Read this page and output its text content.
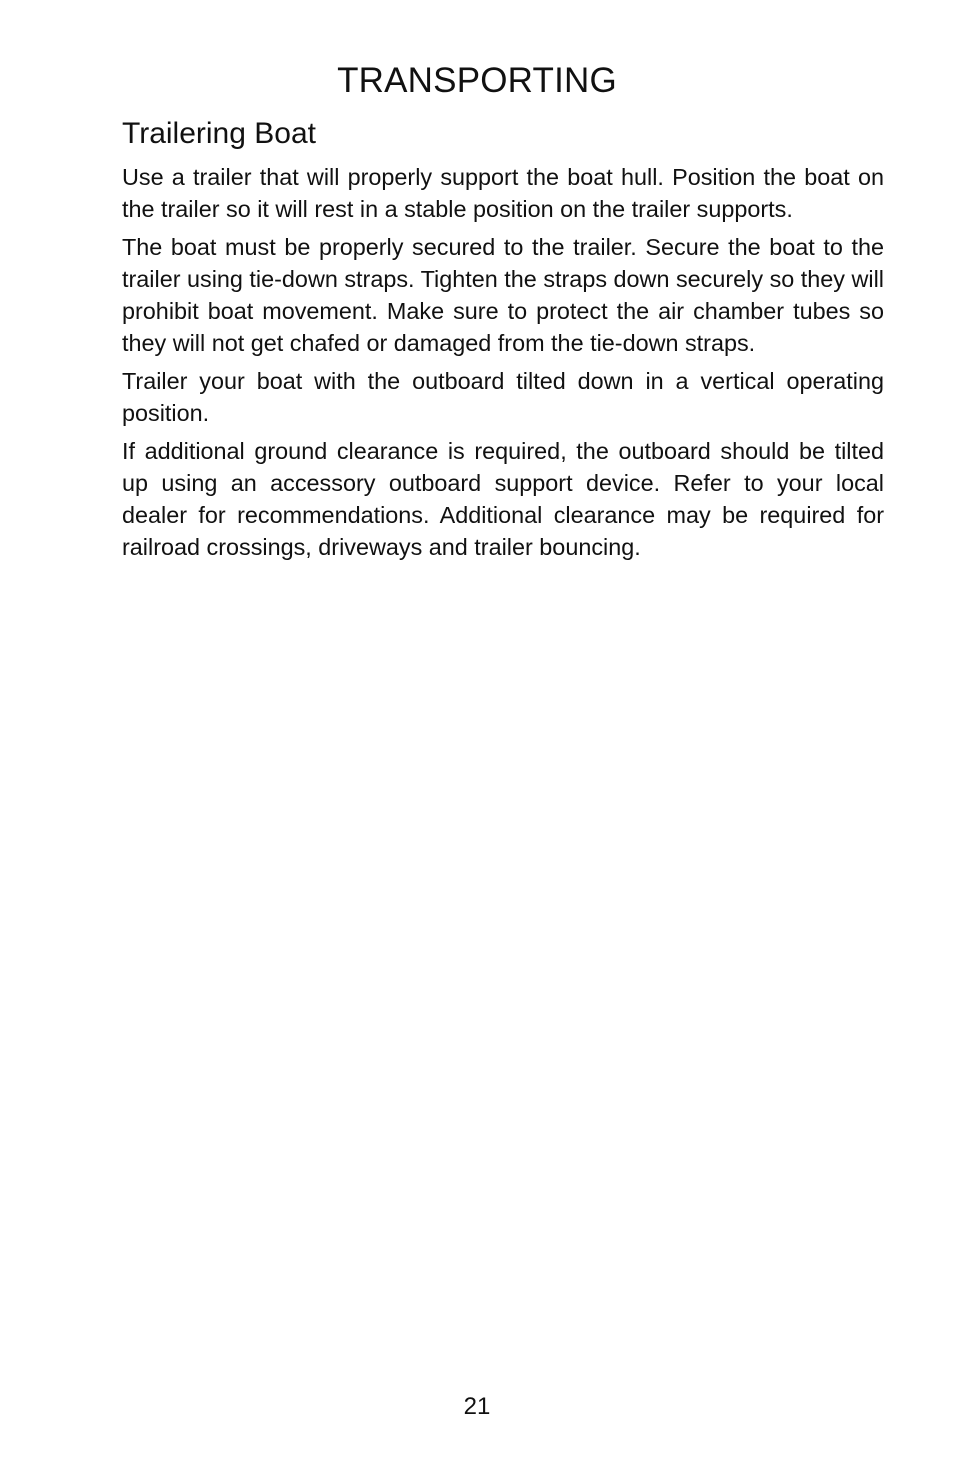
TRANSPORTING
Trailering Boat

Use a trailer that will properly support the boat hull. Position the boat on the trailer so it will rest in a stable position on the trailer supports.

The boat must be properly secured to the trailer. Secure the boat to the trailer using tie-down straps. Tighten the straps down securely so they will prohibit boat movement. Make sure to protect the air chamber tubes so they will not get chafed or damaged from the tie-down straps.

Trailer your boat with the outboard tilted down in a vertical operating position.

If additional ground clearance is required, the outboard should be tilted up using an accessory outboard support device. Refer to your local dealer for recommendations. Additional clearance may be required for railroad crossings, driveways and trailer bouncing.

21
